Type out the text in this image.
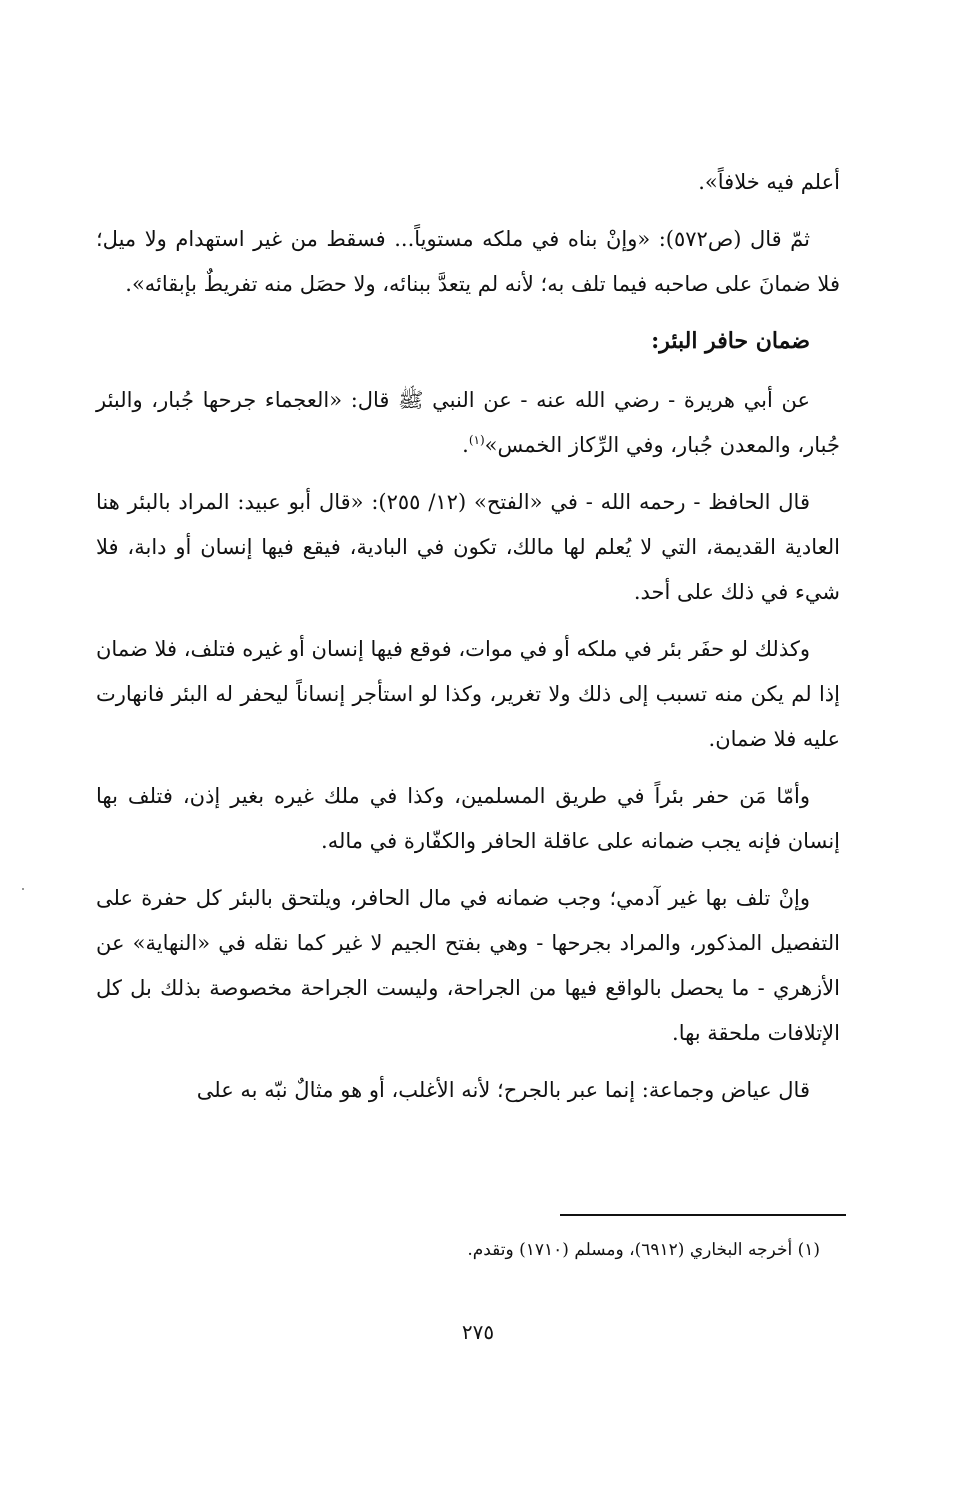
أعلم فيه خلافاً».

ثمّ قال (ص٥٧٢): «وإنْ بناه في ملكه مستوياً... فسقط من غير استهدام ولا ميل؛ فلا ضمانَ على صاحبه فيما تلف به؛ لأنه لم يتعدَّ ببنائه، ولا حصَل منه تفريطٌ بإبقائه».

ضمان حافر البئر:

عن أبي هريرة - رضي الله عنه - عن النبي ﷺ قال: «العجماء جرحها جُبار، والبئر جُبار، والمعدن جُبار، وفي الرِّكاز الخمس»$^{(١)}$.

قال الحافظ - رحمه الله - في «الفتح» (١٢/ ٢٥٥): «قال أبو عبيد: المراد بالبئر هنا العادية القديمة، التي لا يُعلم لها مالك، تكون في البادية، فيقع فيها إنسان أو دابة، فلا شيء في ذلك على أحد.

وكذلك لو حفَر بئر في ملكه أو في موات، فوقع فيها إنسان أو غيره فتلف، فلا ضمان إذا لم يكن منه تسبب إلى ذلك ولا تغرير، وكذا لو استأجر إنساناً ليحفر له البئر فانهارت عليه فلا ضمان.

وأمّا مَن حفر بئراً في طريق المسلمين، وكذا في ملك غيره بغير إذن، فتلف بها إنسان فإنه يجب ضمانه على عاقلة الحافر والكفّارة في ماله.

وإنْ تلف بها غير آدمي؛ وجب ضمانه في مال الحافر، ويلتحق بالبئر كل حفرة على التفصيل المذكور، والمراد بجرحها - وهي بفتح الجيم لا غير كما نقله في «النهاية» عن الأزهري - ما يحصل بالواقع فيها من الجراحة، وليست الجراحة مخصوصة بذلك بل كل الإتلافات ملحقة بها.

قال عياض وجماعة: إنما عبر بالجرح؛ لأنه الأغلب، أو هو مثالٌ نبّه به على

(١) أخرجه البخاري (٦٩١٢)، ومسلم (١٧١٠) وتقدم.
٢٧٥
